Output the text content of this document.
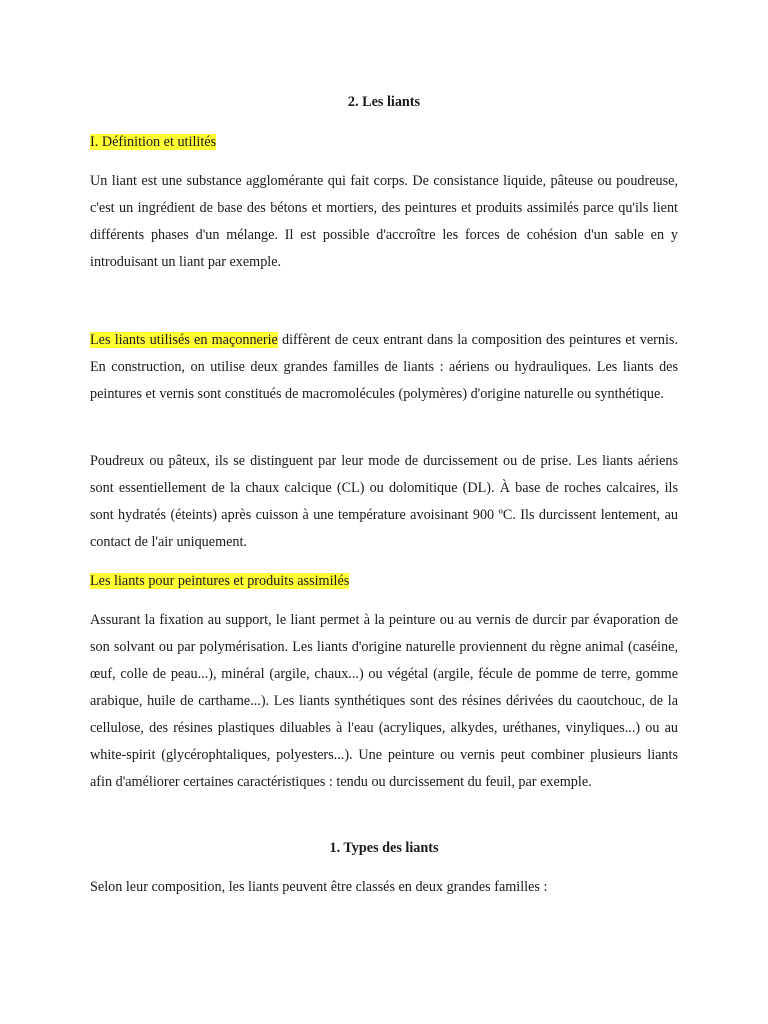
2. Les liants
I. Définition et utilités

Un liant est une substance agglomérante qui fait corps. De consistance liquide, pâteuse ou poudreuse, c'est un ingrédient de base des bétons et mortiers, des peintures et produits assimilés parce qu'ils lient différents phases d'un mélange. Il est possible d'accroître les forces de cohésion d'un sable en y introduisant un liant par exemple.

Les liants utilisés en maçonnerie diffèrent de ceux entrant dans la composition des peintures et vernis. En construction, on utilise deux grandes familles de liants : aériens ou hydrauliques. Les liants des peintures et vernis sont constitués de macromolécules (polymères) d'origine naturelle ou synthétique.

Poudreux ou pâteux, ils se distinguent par leur mode de durcissement ou de prise. Les liants aériens sont essentiellement de la chaux calcique (CL) ou dolomitique (DL). À base de roches calcaires, ils sont hydratés (éteints) après cuisson à une température avoisinant 900 ºC. Ils durcissent lentement, au contact de l'air uniquement.

Les liants pour peintures et produits assimilés

Assurant la fixation au support, le liant permet à la peinture ou au vernis de durcir par évaporation de son solvant ou par polymérisation. Les liants d'origine naturelle proviennent du règne animal (caséine, œuf, colle de peau...), minéral (argile, chaux...) ou végétal (argile, fécule de pomme de terre, gomme arabique, huile de carthame...). Les liants synthétiques sont des résines dérivées du caoutchouc, de la cellulose, des résines plastiques diluables à l'eau (acryliques, alkydes, uréthanes, vinyliques...) ou au white-spirit (glycérophtaliques, polyesters...). Une peinture ou vernis peut combiner plusieurs liants afin d'améliorer certaines caractéristiques : tendu ou durcissement du feuil, par exemple.

1. Types des liants

Selon leur composition, les liants peuvent être classés en deux grandes familles :
